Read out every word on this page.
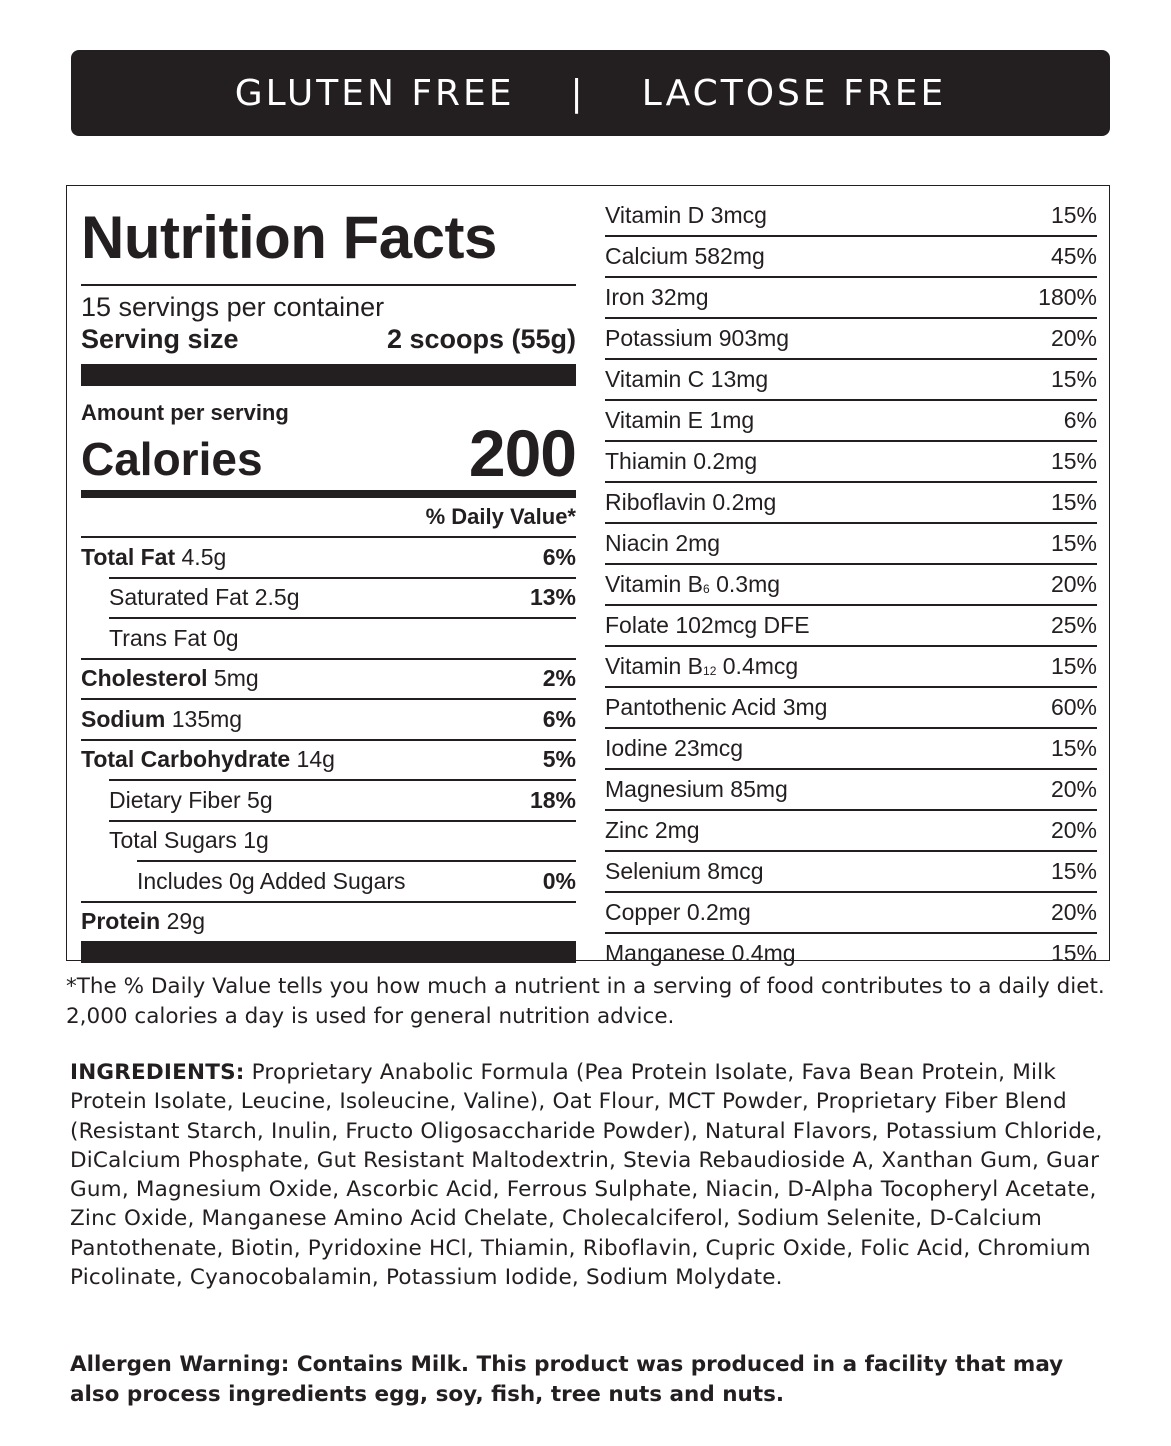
GLUTEN FREE | LACTOSE FREE
Nutrition Facts
15 servings per container
Serving size	2 scoops (55g)
Amount per serving
Calories	200
% Daily Value*
Total Fat 4.5g	6%
Saturated Fat 2.5g	13%
Trans Fat 0g
Cholesterol 5mg	2%
Sodium 135mg	6%
Total Carbohydrate 14g	5%
Dietary Fiber 5g	18%
Total Sugars 1g
Includes 0g Added Sugars	0%
Protein 29g
Vitamin D 3mcg	15%
Calcium 582mg	45%
Iron 32mg	180%
Potassium 903mg	20%
Vitamin C 13mg	15%
Vitamin E 1mg	6%
Thiamin 0.2mg	15%
Riboflavin 0.2mg	15%
Niacin 2mg	15%
Vitamin $B_6$ 0.3mg	20%
Folate 102mcg DFE	25%
Vitamin $B_{12}$ 0.4mcg	15%
Pantothenic Acid 3mg	60%
Iodine 23mcg	15%
Magnesium 85mg	20%
Zinc 2mg	20%
Selenium 8mcg	15%
Copper 0.2mg	20%
Manganese 0.4mg	15%
*The % Daily Value tells you how much a nutrient in a serving of food contributes to a daily diet. 2,000 calories a day is used for general nutrition advice.
INGREDIENTS: Proprietary Anabolic Formula (Pea Protein Isolate, Fava Bean Protein, Milk Protein Isolate, Leucine, Isoleucine, Valine), Oat Flour, MCT Powder, Proprietary Fiber Blend (Resistant Starch, Inulin, Fructo Oligosaccharide Powder), Natural Flavors, Potassium Chloride, DiCalcium Phosphate, Gut Resistant Maltodextrin, Stevia Rebaudioside A, Xanthan Gum, Guar Gum, Magnesium Oxide, Ascorbic Acid, Ferrous Sulphate, Niacin, D-Alpha Tocopheryl Acetate, Zinc Oxide, Manganese Amino Acid Chelate, Cholecalciferol, Sodium Selenite, D-Calcium Pantothenate, Biotin, Pyridoxine HCl, Thiamin, Riboflavin, Cupric Oxide, Folic Acid, Chromium Picolinate, Cyanocobalamin, Potassium Iodide, Sodium Molydate.
Allergen Warning: Contains Milk. This product was produced in a facility that may also process ingredients egg, soy, fish, tree nuts and nuts.
